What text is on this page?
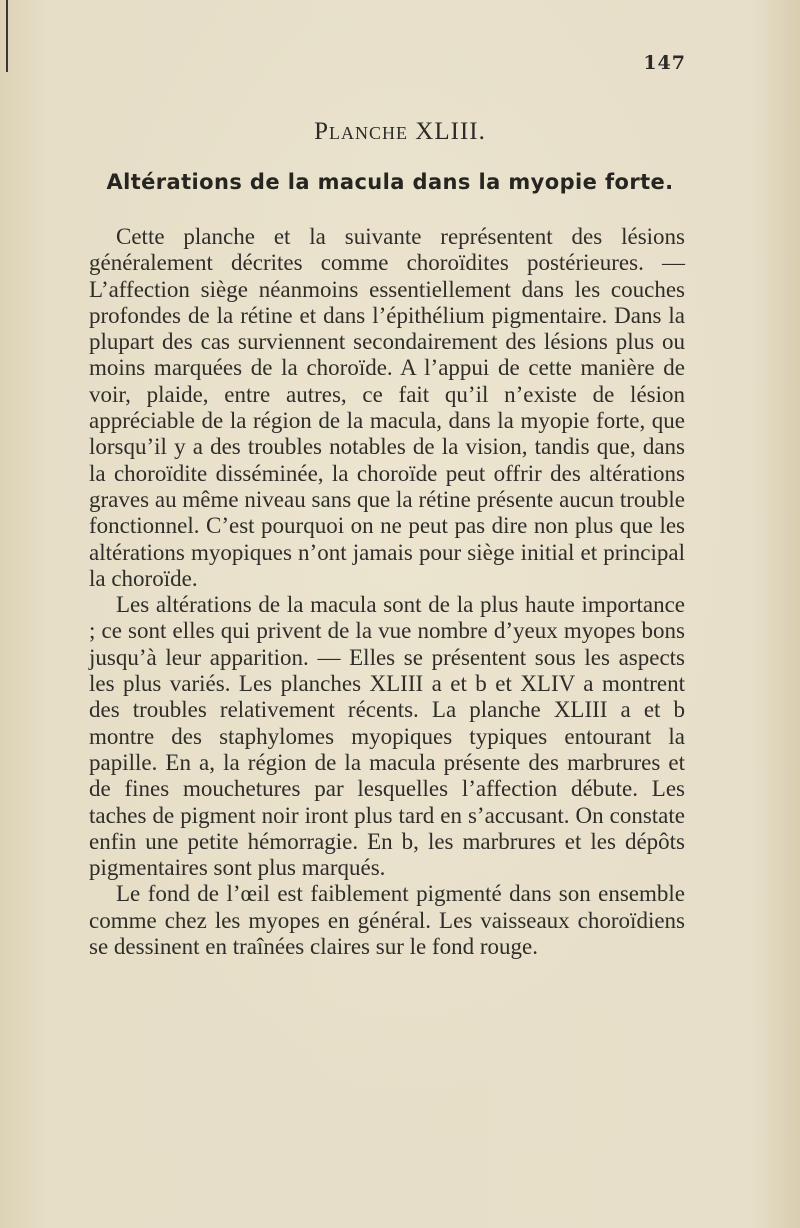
147
Planche XLIII.
Altérations de la macula dans la myopie forte.

Cette planche et la suivante représentent des lésions généralement décrites comme choroïdites postérieures. — L’affection siège néanmoins essentiellement dans les couches profondes de la rétine et dans l’épithélium pigmentaire. Dans la plupart des cas surviennent secondairement des lésions plus ou moins marquées de la choroïde. A l’appui de cette manière de voir, plaide, entre autres, ce fait qu’il n’existe de lésion appréciable de la région de la macula, dans la myopie forte, que lorsqu’il y a des troubles notables de la vision, tandis que, dans la choroïdite disséminée, la choroïde peut offrir des altérations graves au même niveau sans que la rétine présente aucun trouble fonctionnel. C’est pourquoi on ne peut pas dire non plus que les altérations myopiques n’ont jamais pour siège initial et principal la choroïde.

Les altérations de la macula sont de la plus haute importance ; ce sont elles qui privent de la vue nombre d’yeux myopes bons jusqu’à leur apparition. — Elles se présentent sous les aspects les plus variés. Les planches XLIII a et b et XLIV a montrent des troubles relativement récents. La planche XLIII a et b montre des staphylomes myopiques typiques entourant la papille. En a, la région de la macula présente des marbrures et de fines mouchetures par lesquelles l’affection débute. Les taches de pigment noir iront plus tard en s’accusant. On constate enfin une petite hémorragie. En b, les marbrures et les dépôts pigmentaires sont plus marqués.

Le fond de l’œil est faiblement pigmenté dans son ensemble comme chez les myopes en général. Les vaisseaux choroïdiens se dessinent en traînées claires sur le fond rouge.
